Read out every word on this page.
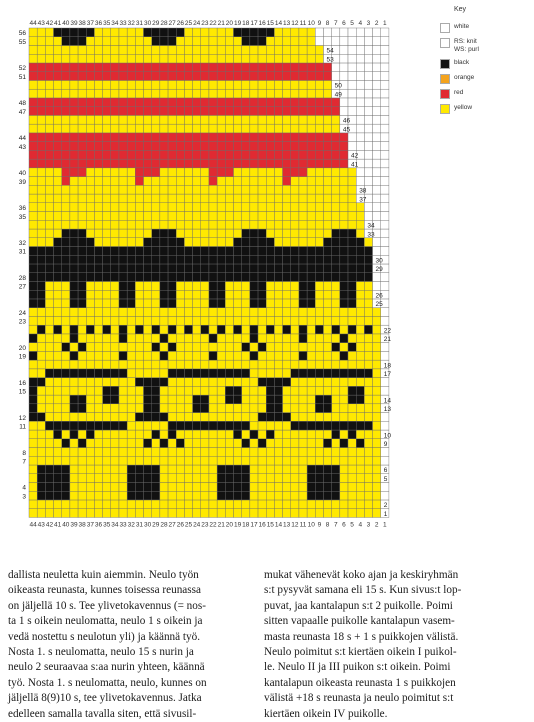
44
44
43
43
42
42
41
41
40
40
39
39
38
38
37
37
36
36
35
35
34
34
33
33
32
32
31
31
30
30
29
29
28
28
27
27
26
26
25
25
24
24
23
23
22
22
21
21
20
20
19
19
18
18
17
17
16
16
15
15
14
14
13
13
12
12
11
11
10
10
9
9
8
8
7
7
6
6
5
5
4
4
3
3
2
2
1
1
56
55
52
51
48
47
44
43
40
39
36
35
32
31
28
27
24
23
20
19
16
15
12
11
8
7
4
3
54
53
50
49
46
45
42
41
38
37
34
33
30
29
26
25
22
21
18
17
14
13
10
9
6
5
2
1
Key
white
RS: knit
WS: purl
black
orange
red
yellow

dallista neuletta kuin aiemmin. Neulo työn

oikeasta reunasta, kunnes toisessa reunassa

on jäljellä 10 s. Tee ylivetokavennus (= nos-

ta 1 s oikein neulomatta, neulo 1 s oikein ja

vedä nostettu s neulotun yli) ja käännä työ.

Nosta 1. s neulomatta, neulo 15 s nurin ja

neulo 2 seuraavaa s:aa nurin yhteen, käännä

työ. Nosta 1. s neulomatta, neulo, kunnes on

jäljellä 8(9)10 s, tee ylivetokavennus. Jatka

edelleen samalla tavalla siten, että sivusil-

mukat vähenevät koko ajan ja keskiryhmän

s:t pysyvät samana eli 15 s. Kun sivus:t lop-

puvat, jaa kantalapun s:t 2 puikolle. Poimi

sitten vapaalle puikolle kantalapun vasem-

masta reunasta 18 s + 1 s puikkojen välistä.

Neulo poimitut s:t kiertäen oikein I puikol-

le. Neulo II ja III puikon s:t oikein. Poimi

kantalapun oikeasta reunasta 1 s puikkojen

välistä +18 s reunasta ja neulo poimitut s:t

kiertäen oikein IV puikolle.
